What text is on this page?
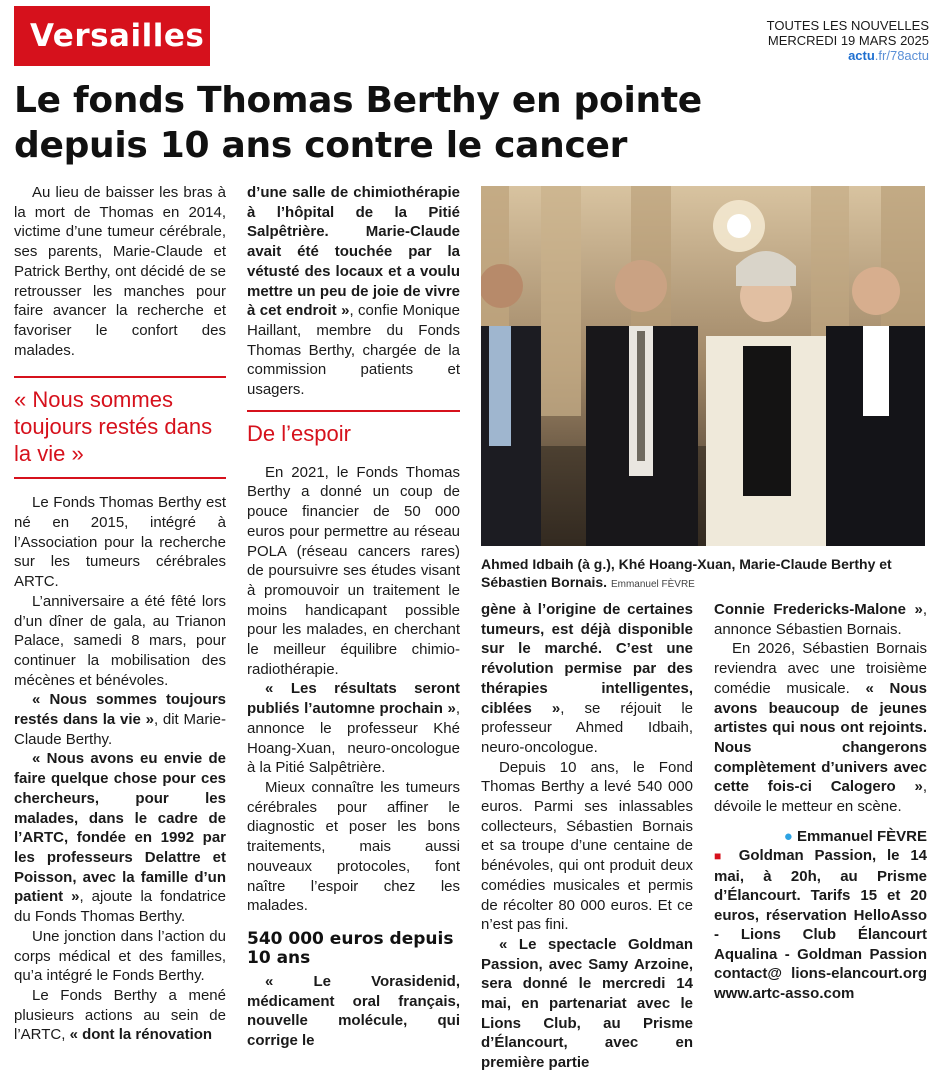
Versailles	TOUTES LES NOUVELLES
MERCREDI 19 MARS 2025
actu.fr/78actu
Le fonds Thomas Berthy en pointe
depuis 10 ans contre le cancer

Au lieu de baisser les bras à la mort de Thomas en 2014, victime d’une tumeur cérébrale, ses parents, Marie-Claude et Patrick Berthy, ont décidé de se retrousser les manches pour faire avancer la recherche et favoriser le confort des malades.

« Nous sommes toujours restés dans la vie »

Le Fonds Thomas Berthy est né en 2015, intégré à l’Association pour la recherche sur les tumeurs cérébrales ARTC.

L’anniversaire a été fêté lors d’un dîner de gala, au Trianon Palace, samedi 8 mars, pour continuer la mobilisation des mécènes et bénévoles.

« Nous sommes toujours restés dans la vie », dit Marie-Claude Berthy.

« Nous avons eu envie de faire quelque chose pour ces chercheurs, pour les malades, dans le cadre de l’ARTC, fondée en 1992 par les professeurs Delattre et Poisson, avec la famille d’un patient », ajoute la fondatrice du Fonds Thomas Berthy.

Une jonction dans l’action du corps médical et des familles, qu’a intégré le Fonds Berthy.

Le Fonds Berthy a mené plusieurs actions au sein de l’ARTC, « dont la rénovation

d’une salle de chimiothérapie à l’hôpital de la Pitié Salpêtrière. Marie-Claude avait été touchée par la vétusté des locaux et a voulu mettre un peu de joie de vivre à cet endroit », confie Monique Haillant, membre du Fonds Thomas Berthy, chargée de la commission patients et usagers.

De l’espoir

En 2021, le Fonds Thomas Berthy a donné un coup de pouce financier de 50 000 euros pour permettre au réseau POLA (réseau cancers rares) de poursuivre ses études visant à promouvoir un traitement le moins handicapant possible pour les malades, en cherchant le meilleur équilibre chimio-radiothérapie.

« Les résultats seront publiés l’automne prochain », annonce le professeur Khé Hoang-Xuan, neuro-oncologue à la Pitié Salpêtrière.

Mieux connaître les tumeurs cérébrales pour affiner le diagnostic et poser les bons traitements, mais aussi nouveaux protocoles, font naître l’espoir chez les malades.

540 000 euros depuis 10 ans

« Le Vorasidenid, médicament oral français, nouvelle molécule, qui corrige le

Ahmed Idbaih (à g.), Khé Hoang-Xuan, Marie-Claude Berthy et Sébastien Bornais. Emmanuel FÈVRE

gène à l’origine de certaines tumeurs, est déjà disponible sur le marché. C’est une révolution permise par des thérapies intelligentes, ciblées », se réjouit le professeur Ahmed Idbaih, neuro-oncologue.

Depuis 10 ans, le Fond Thomas Berthy a levé 540 000 euros. Parmi ses inlassables collecteurs, Sébastien Bornais et sa troupe d’une centaine de bénévoles, qui ont produit deux comédies musicales et permis de récolter 80 000 euros. Et ce n’est pas fini.

« Le spectacle Goldman Passion, avec Samy Arzoine, sera donné le mercredi 14 mai, en partenariat avec le Lions Club, au Prisme d’Élancourt, avec en première partie

Connie Fredericks-Malone », annonce Sébastien Bornais.

En 2026, Sébastien Bornais reviendra avec une troisième comédie musicale. « Nous avons beaucoup de jeunes artistes qui nous ont rejoints. Nous changerons complètement d’univers avec cette fois-ci Calogero », dévoile le metteur en scène.

● Emmanuel FÈVRE

■ Goldman Passion, le 14 mai, à 20h, au Prisme d’Élancourt. Tarifs 15 et 20 euros, réservation HelloAsso - Lions Club Élancourt Aqualina - Goldman Passion contact@ lions-elancourt.org www.artc-asso.com
